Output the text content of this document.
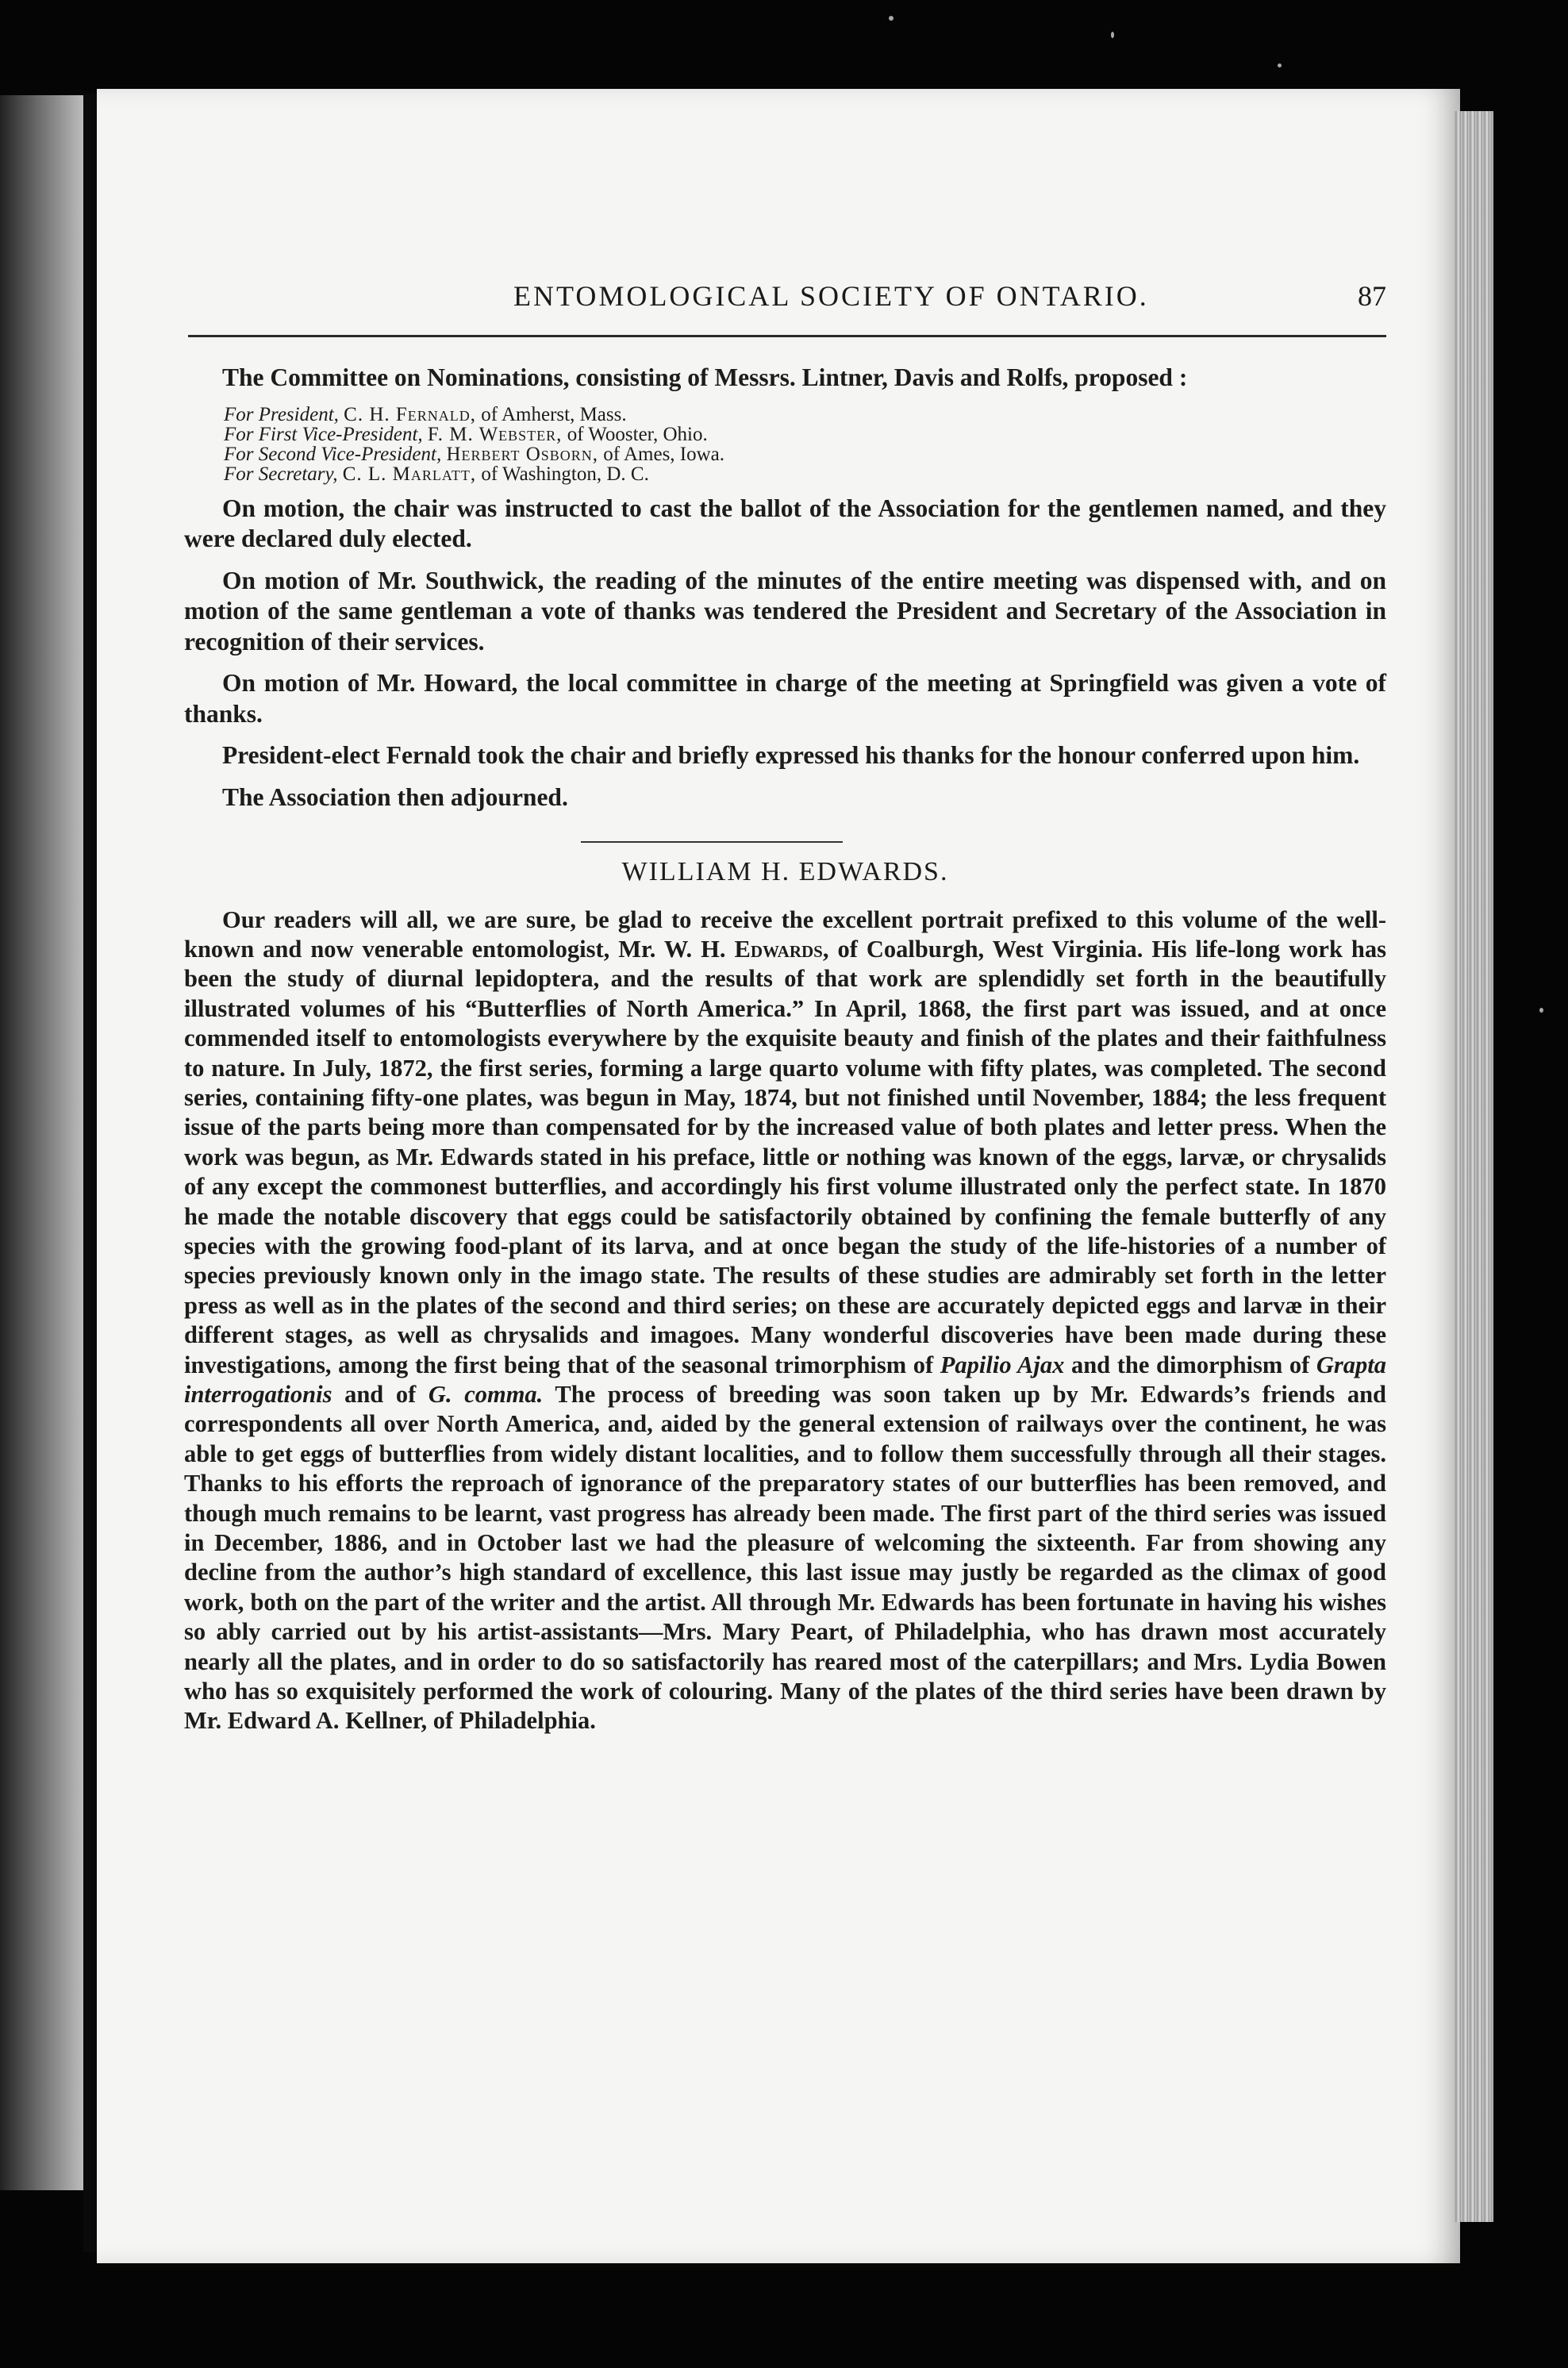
ENTOMOLOGICAL SOCIETY OF ONTARIO.	87

The Committee on Nominations, consisting of Messrs. Lintner, Davis and Rolfs, proposed :

For President, C. H. Fernald, of Amherst, Mass.
For First Vice-President, F. M. Webster, of Wooster, Ohio.
For Second Vice-President, Herbert Osborn, of Ames, Iowa.
For Secretary, C. L. Marlatt, of Washington, D. C.

On motion, the chair was instructed to cast the ballot of the Association for the gentlemen named, and they were declared duly elected.

On motion of Mr. Southwick, the reading of the minutes of the entire meeting was dispensed with, and on motion of the same gentleman a vote of thanks was tendered the President and Secretary of the Association in recognition of their services.

On motion of Mr. Howard, the local committee in charge of the meeting at Springfield was given a vote of thanks.

President-elect Fernald took the chair and briefly expressed his thanks for the honour conferred upon him.

The Association then adjourned.

WILLIAM H. EDWARDS.

Our readers will all, we are sure, be glad to receive the excellent portrait prefixed to this volume of the well-known and now venerable entomologist, Mr. W. H. Edwards, of Coalburgh, West Virginia. His life-long work has been the study of diurnal lepidoptera, and the results of that work are splendidly set forth in the beautifully illustrated volumes of his “Butterflies of North America.” In April, 1868, the first part was issued, and at once commended itself to entomologists everywhere by the exquisite beauty and finish of the plates and their faithfulness to nature. In July, 1872, the first series, forming a large quarto volume with fifty plates, was completed. The second series, containing fifty-one plates, was begun in May, 1874, but not finished until November, 1884; the less frequent issue of the parts being more than compensated for by the increased value of both plates and letter press. When the work was begun, as Mr. Edwards stated in his preface, little or nothing was known of the eggs, larvæ, or chrysalids of any except the commonest butterflies, and accordingly his first volume illustrated only the perfect state. In 1870 he made the notable discovery that eggs could be satisfactorily obtained by confining the female butterfly of any species with the growing food-plant of its larva, and at once began the study of the life-histories of a number of species previously known only in the imago state. The results of these studies are admirably set forth in the letter press as well as in the plates of the second and third series; on these are accurately depicted eggs and larvæ in their different stages, as well as chrysalids and imagoes. Many wonderful discoveries have been made during these investigations, among the first being that of the seasonal trimorphism of Papilio Ajax and the dimorphism of Grapta interrogationis and of G. comma. The process of breeding was soon taken up by Mr. Edwards’s friends and correspondents all over North America, and, aided by the general extension of railways over the continent, he was able to get eggs of butterflies from widely distant localities, and to follow them successfully through all their stages. Thanks to his efforts the reproach of ignorance of the preparatory states of our butterflies has been removed, and though much remains to be learnt, vast progress has already been made. The first part of the third series was issued in December, 1886, and in October last we had the pleasure of welcoming the sixteenth. Far from showing any decline from the author’s high standard of excellence, this last issue may justly be regarded as the climax of good work, both on the part of the writer and the artist. All through Mr. Edwards has been fortunate in having his wishes so ably carried out by his artist-assistants—Mrs. Mary Peart, of Philadelphia, who has drawn most accurately nearly all the plates, and in order to do so satisfactorily has reared most of the caterpillars; and Mrs. Lydia Bowen who has so exquisitely performed the work of colouring. Many of the plates of the third series have been drawn by Mr. Edward A. Kellner, of Philadelphia.
